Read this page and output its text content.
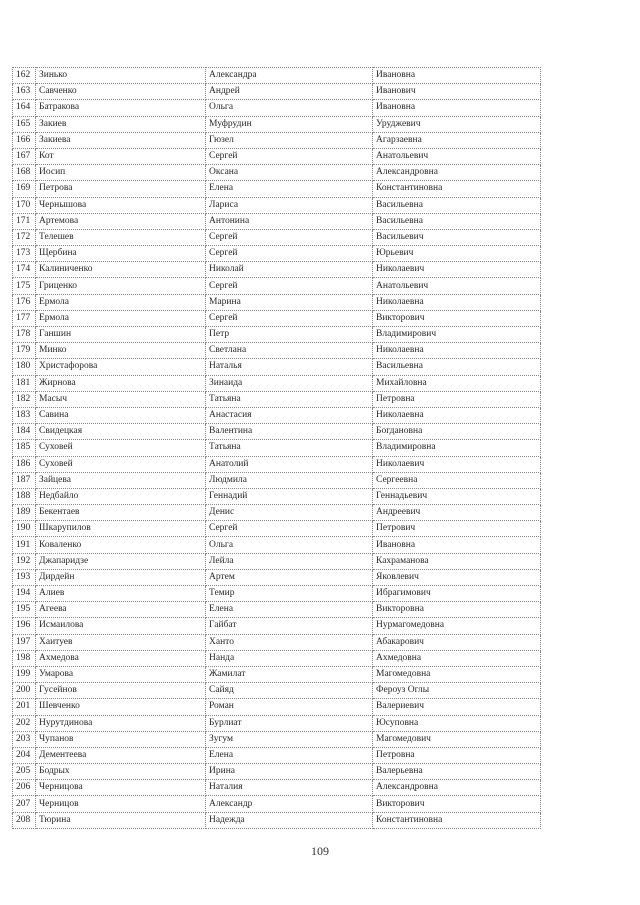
162	Зинько	Александра	Ивановна
163	Савченко	Андрей	Иванович
164	Батракова	Ольга	Ивановна
165	Закиев	Муфрудин	Уруджевич
166	Закиева	Гюзел	Агарзаевна
167	Кот	Сергей	Анатольевич
168	Иосип	Оксана	Александровна
169	Петрова	Елена	Константиновна
170	Чернышова	Лариса	Васильевна
171	Артемова	Антонина	Васильевна
172	Телешев	Сергей	Васильевич
173	Щербина	Сергей	Юрьевич
174	Калиниченко	Николай	Николаевич
175	Гриценко	Сергей	Анатольевич
176	Ермола	Марина	Николаевна
177	Ермола	Сергей	Викторович
178	Ганшин	Петр	Владимирович
179	Минко	Светлана	Николаевна
180	Христафорова	Наталья	Васильевна
181	Жирнова	Зинаида	Михайловна
182	Масыч	Татьяна	Петровна
183	Савина	Анастасия	Николаевна
184	Свидецкая	Валентина	Богдановна
185	Суховей	Татьяна	Владимировна
186	Суховей	Анатолий	Николаевич
187	Зайцева	Людмила	Сергеевна
188	Недбайло	Геннадий	Геннадьевич
189	Бекентаев	Денис	Андреевич
190	Шкарупилов	Сергей	Петрович
191	Коваленко	Ольга	Ивановна
192	Джапаридзе	Лейла	Кахраманова
193	Дирдейн	Артем	Яковлевич
194	Алиев	Темир	Ибрагимович
195	Агеева	Елена	Викторовна
196	Исмаилова	Гайбат	Нурмагомедовна
197	Хаитуев	Ханто	Абакарович
198	Ахмедова	Нанда	Ахмедовна
199	Умарова	Жамилат	Магомедовна
200	Гусейнов	Сайяд	Фероуз Оглы
201	Шевченко	Роман	Валериевич
202	Нурутдинова	Бурлиат	Юсуповна
203	Чупанов	Зугум	Магомедович
204	Дементеева	Елена	Петровна
205	Бодрых	Ирина	Валерьевна
206	Черницова	Наталия	Александровна
207	Черницов	Александр	Викторович
208	Тюрина	Надежда	Константиновна
109
